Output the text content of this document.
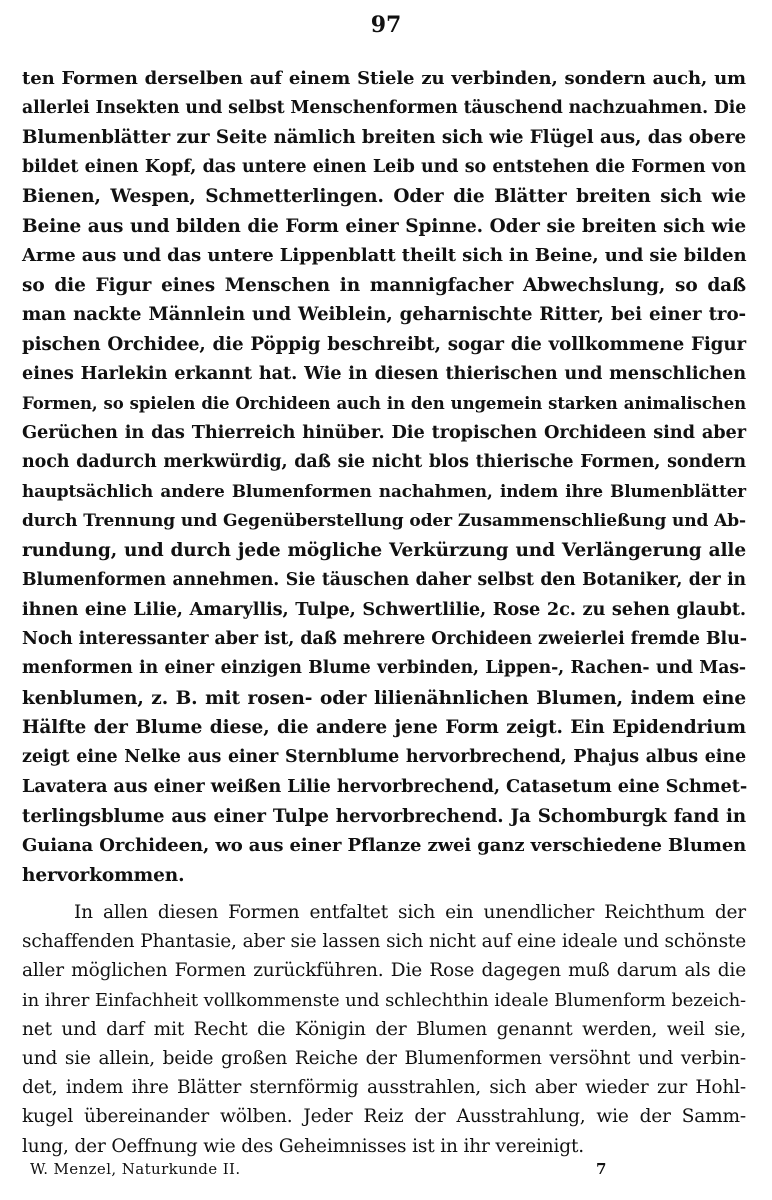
97
ten Formen derselben auf einem Stiele zu verbinden, sondern auch, um
allerlei Insekten und selbst Menschenformen täuschend nachzuahmen. Die
Blumenblätter zur Seite nämlich breiten sich wie Flügel aus, das obere
bildet einen Kopf, das untere einen Leib und so entstehen die Formen von
Bienen, Wespen, Schmetterlingen. Oder die Blätter breiten sich wie
Beine aus und bilden die Form einer Spinne. Oder sie breiten sich wie
Arme aus und das untere Lippenblatt theilt sich in Beine, und sie bilden
so die Figur eines Menschen in mannigfacher Abwechslung, so daß
man nackte Männlein und Weiblein, geharnischte Ritter, bei einer tro-
pischen Orchidee, die Pöppig beschreibt, sogar die vollkommene Figur
eines Harlekin erkannt hat. Wie in diesen thierischen und menschlichen
Formen, so spielen die Orchideen auch in den ungemein starken animalischen
Gerüchen in das Thierreich hinüber. Die tropischen Orchideen sind aber
noch dadurch merkwürdig, daß sie nicht blos thierische Formen, sondern
hauptsächlich andere Blumenformen nachahmen, indem ihre Blumenblätter
durch Trennung und Gegenüberstellung oder Zusammenschließung und Ab-
rundung, und durch jede mögliche Verkürzung und Verlängerung alle
Blumenformen annehmen. Sie täuschen daher selbst den Botaniker, der in
ihnen eine Lilie, Amaryllis, Tulpe, Schwertlilie, Rose 2c. zu sehen glaubt.
Noch interessanter aber ist, daß mehrere Orchideen zweierlei fremde Blu-
menformen in einer einzigen Blume verbinden, Lippen-, Rachen- und Mas-
kenblumen, z. B. mit rosen- oder lilienähnlichen Blumen, indem eine
Hälfte der Blume diese, die andere jene Form zeigt. Ein Epidendrium
zeigt eine Nelke aus einer Sternblume hervorbrechend, Phajus albus eine
Lavatera aus einer weißen Lilie hervorbrechend, Catasetum eine Schmet-
terlingsblume aus einer Tulpe hervorbrechend. Ja Schomburgk fand in
Guiana Orchideen, wo aus einer Pflanze zwei ganz verschiedene Blumen
hervorkommen.
In allen diesen Formen entfaltet sich ein unendlicher Reichthum der
schaffenden Phantasie, aber sie lassen sich nicht auf eine ideale und schönste
aller möglichen Formen zurückführen. Die Rose dagegen muß darum als die
in ihrer Einfachheit vollkommenste und schlechthin ideale Blumenform bezeich-
net und darf mit Recht die Königin der Blumen genannt werden, weil sie,
und sie allein, beide großen Reiche der Blumenformen versöhnt und verbin-
det, indem ihre Blätter sternförmig ausstrahlen, sich aber wieder zur Hohl-
kugel übereinander wölben. Jeder Reiz der Ausstrahlung, wie der Samm-
lung, der Oeffnung wie des Geheimnisses ist in ihr vereinigt.
W. Menzel, Naturkunde II.	7
